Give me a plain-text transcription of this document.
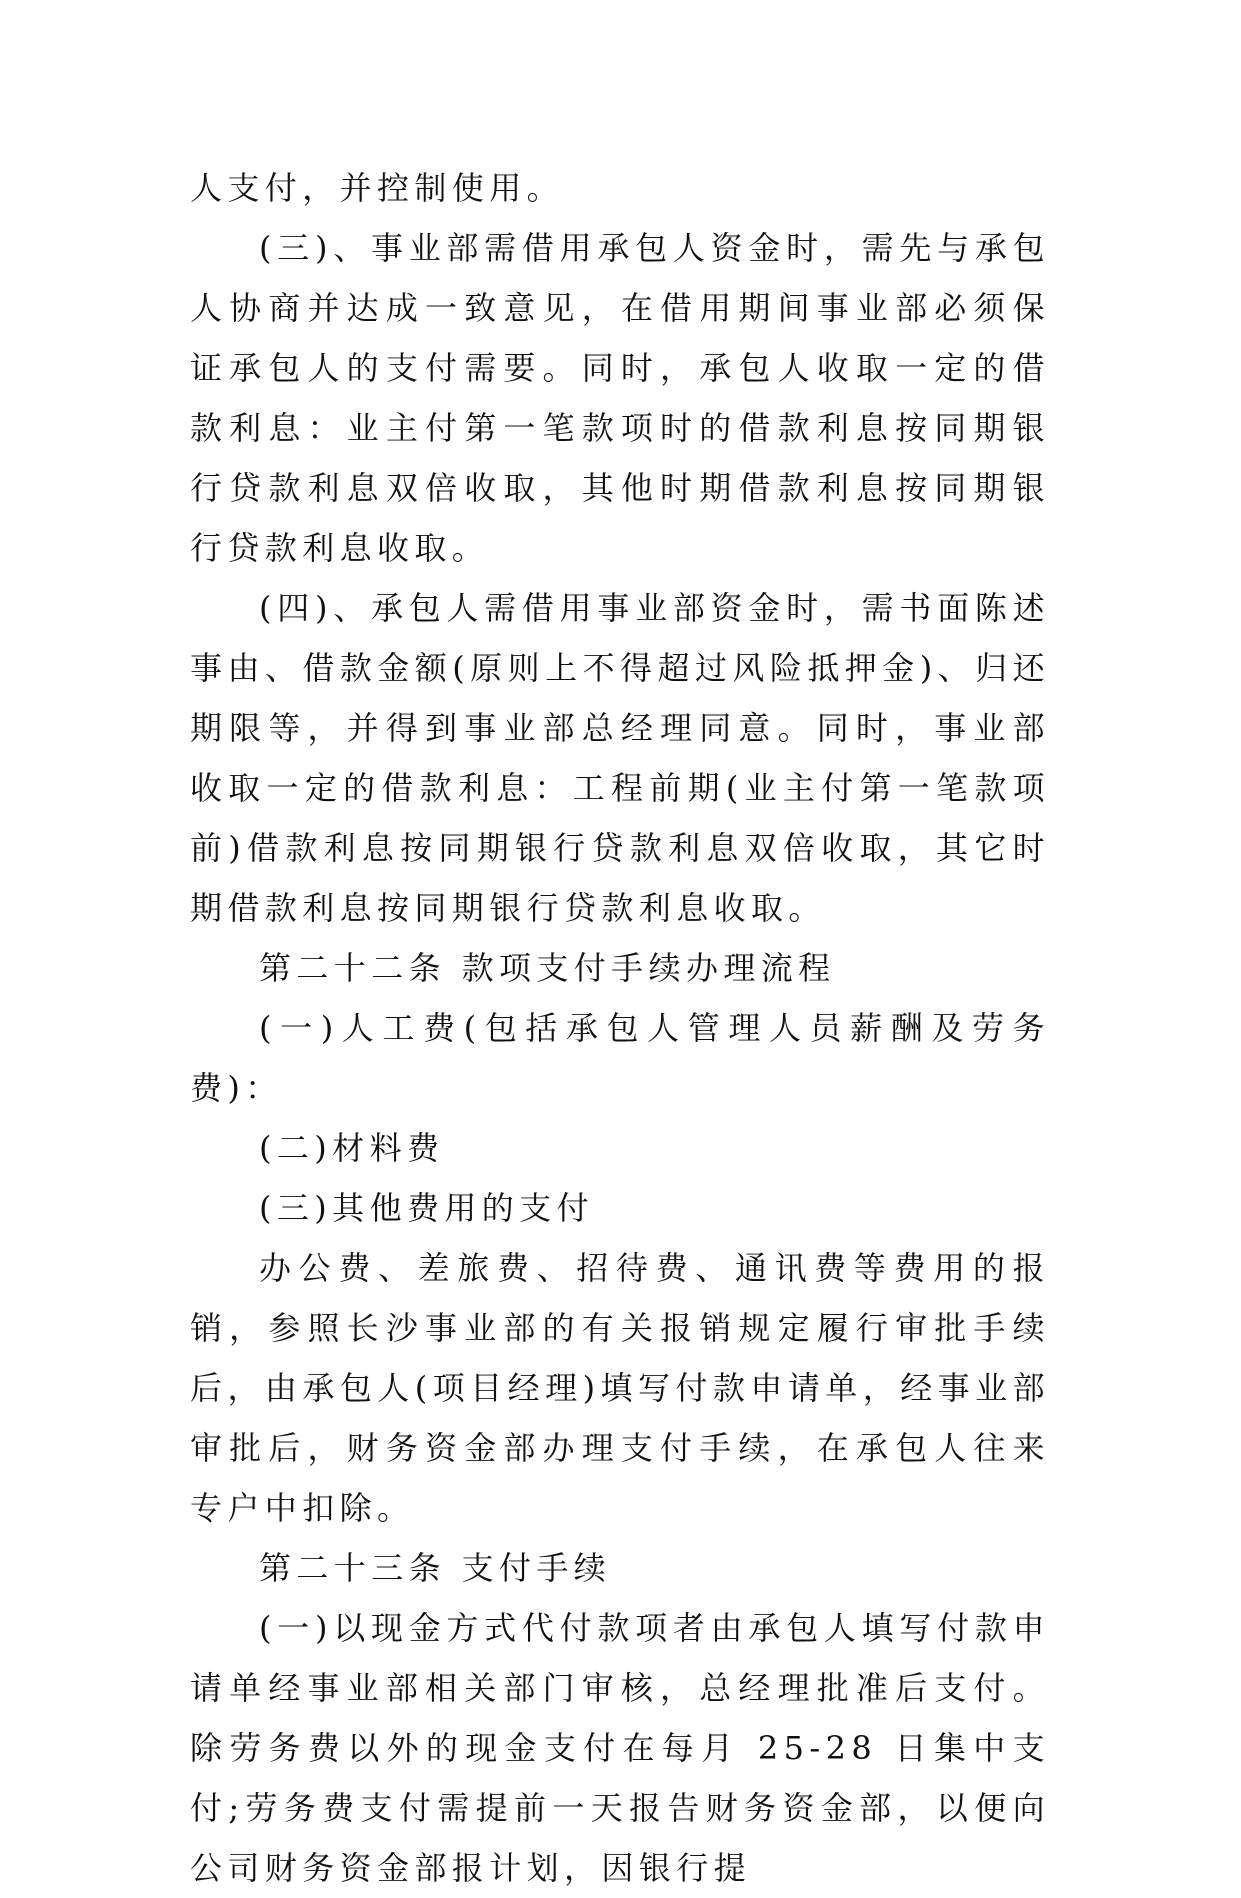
人支付，并控制使用。

(三)、事业部需借用承包人资金时，需先与承包人协商并达成一致意见，在借用期间事业部必须保证承包人的支付需要。同时，承包人收取一定的借款利息：业主付第一笔款项时的借款利息按同期银行贷款利息双倍收取，其他时期借款利息按同期银行贷款利息收取。

(四)、承包人需借用事业部资金时，需书面陈述事由、借款金额(原则上不得超过风险抵押金)、归还期限等，并得到事业部总经理同意。同时，事业部收取一定的借款利息：工程前期(业主付第一笔款项前)借款利息按同期银行贷款利息双倍收取，其它时期借款利息按同期银行贷款利息收取。

第二十二条 款项支付手续办理流程

(一)人工费(包括承包人管理人员薪酬及劳务费)：

(二)材料费

(三)其他费用的支付

办公费、差旅费、招待费、通讯费等费用的报销，参照长沙事业部的有关报销规定履行审批手续后，由承包人(项目经理)填写付款申请单，经事业部审批后，财务资金部办理支付手续，在承包人往来专户中扣除。

第二十三条 支付手续

(一)以现金方式代付款项者由承包人填写付款申请单经事业部相关部门审核，总经理批准后支付。除劳务费以外的现金支付在每月 25-28 日集中支付;劳务费支付需提前一天报告财务资金部，以便向公司财务资金部报计划，因银行提
